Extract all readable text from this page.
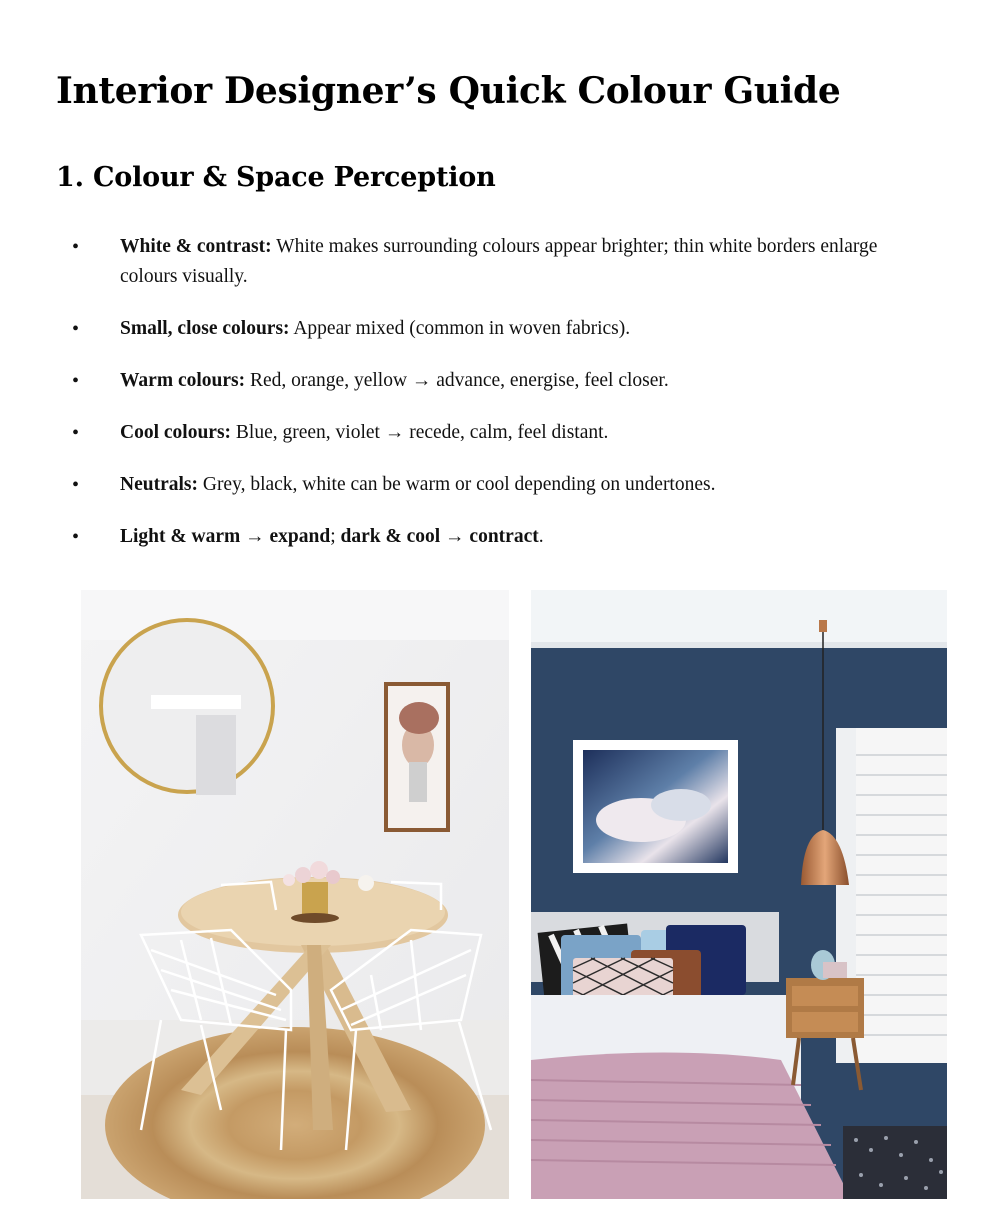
Interior Designer’s Quick Colour Guide
1. Colour & Space Perception
• White & contrast: White makes surrounding colours appear brighter; thin white borders enlarge colours visually.
• Small, close colours: Appear mixed (common in woven fabrics).
• Warm colours: Red, orange, yellow → advance, energise, feel closer.
• Cool colours: Blue, green, violet → recede, calm, feel distant.
• Neutrals: Grey, black, white can be warm or cool depending on undertones.
• Light & warm → expand; dark & cool → contract.
